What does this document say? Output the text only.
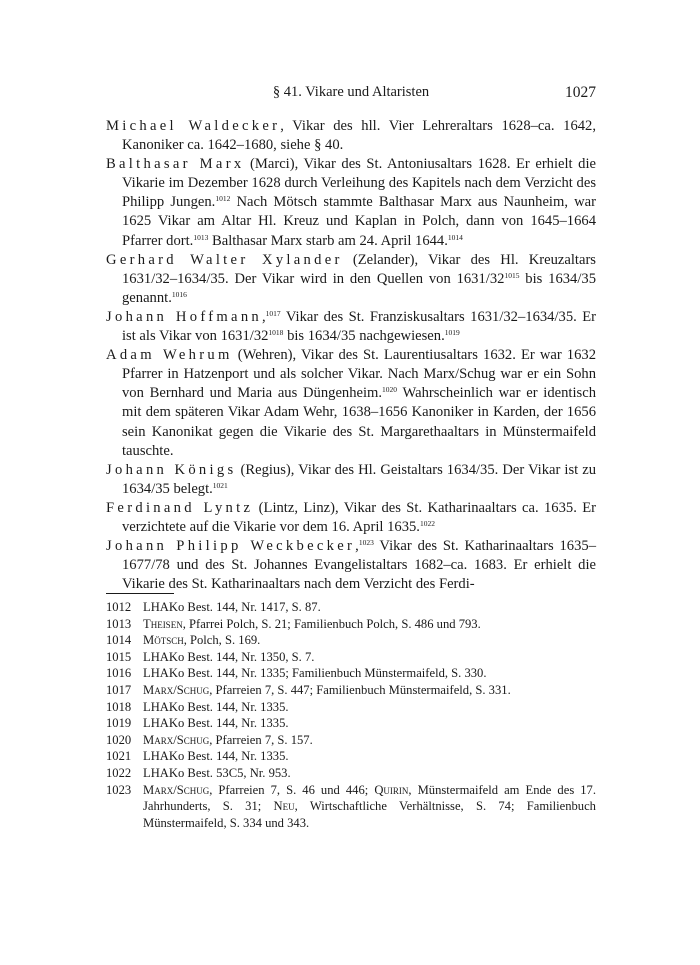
§ 41. Vikare und Altaristen	1027

Michael Waldecker, Vikar des hll. Vier Lehreraltars 1628–ca. 1642, Kanoniker ca. 1642–1680, siehe § 40.

Balthasar Marx (Marci), Vikar des St. Antoniusaltars 1628. Er erhielt die Vikarie im Dezember 1628 durch Verleihung des Kapitels nach dem Verzicht des Philipp Jungen.$^{1012}$ Nach Mötsch stammte Balthasar Marx aus Naunheim, war 1625 Vikar am Altar Hl. Kreuz und Kaplan in Polch, dann von 1645–1664 Pfarrer dort.$^{1013}$ Balthasar Marx starb am 24. April 1644.$^{1014}$

Gerhard Walter Xylander (Zelander), Vikar des Hl. Kreuzaltars 1631/32–1634/35. Der Vikar wird in den Quellen von 1631/32$^{1015}$ bis 1634/35 genannt.$^{1016}$

Johann Hoffmann,$^{1017}$ Vikar des St. Franziskusaltars 1631/32–1634/35. Er ist als Vikar von 1631/32$^{1018}$ bis 1634/35 nachgewiesen.$^{1019}$

Adam Wehrum (Wehren), Vikar des St. Laurentiusaltars 1632. Er war 1632 Pfarrer in Hatzenport und als solcher Vikar. Nach Marx/Schug war er ein Sohn von Bernhard und Maria aus Düngenheim.$^{1020}$ Wahrscheinlich war er identisch mit dem späteren Vikar Adam Wehr, 1638–1656 Kanoniker in Karden, der 1656 sein Kanonikat gegen die Vikarie des St. Margarethaaltars in Münstermaifeld tauschte.

Johann Königs (Regius), Vikar des Hl. Geistaltars 1634/35. Der Vikar ist zu 1634/35 belegt.$^{1021}$

Ferdinand Lyntz (Lintz, Linz), Vikar des St. Katharinaaltars ca. 1635. Er verzichtete auf die Vikarie vor dem 16. April 1635.$^{1022}$

Johann Philipp Weckbecker,$^{1023}$ Vikar des St. Katharinaaltars 1635–1677/78 und des St. Johannes Evangelistaltars 1682–ca. 1683. Er erhielt die Vikarie des St. Katharinaaltars nach dem Verzicht des Ferdi-

1012 LHAKo Best. 144, Nr. 1417, S. 87.
1013 Theisen, Pfarrei Polch, S. 21; Familienbuch Polch, S. 486 und 793.
1014 Mötsch, Polch, S. 169.
1015 LHAKo Best. 144, Nr. 1350, S. 7.
1016 LHAKo Best. 144, Nr. 1335; Familienbuch Münstermaifeld, S. 330.
1017 Marx/Schug, Pfarreien 7, S. 447; Familienbuch Münstermaifeld, S. 331.
1018 LHAKo Best. 144, Nr. 1335.
1019 LHAKo Best. 144, Nr. 1335.
1020 Marx/Schug, Pfarreien 7, S. 157.
1021 LHAKo Best. 144, Nr. 1335.
1022 LHAKo Best. 53C5, Nr. 953.
1023 Marx/Schug, Pfarreien 7, S. 46 und 446; Quirin, Münstermaifeld am Ende des 17. Jahrhunderts, S. 31; Neu, Wirtschaftliche Verhältnisse, S. 74; Familienbuch Münstermaifeld, S. 334 und 343.
